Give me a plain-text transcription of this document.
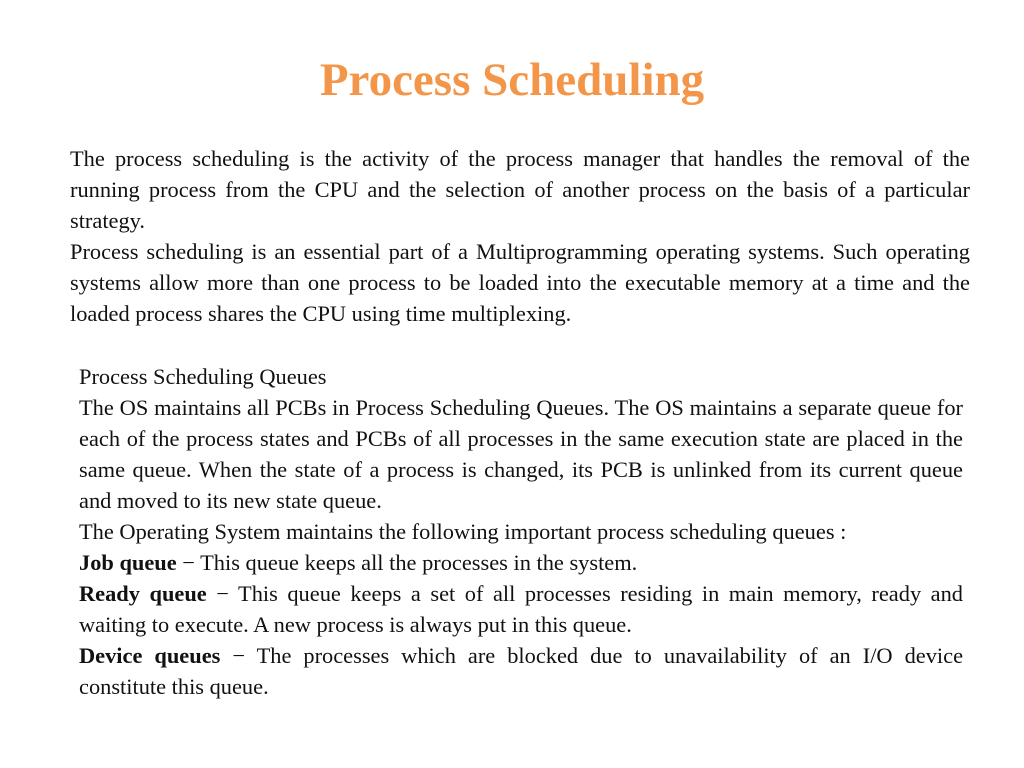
Process Scheduling

The process scheduling is the activity of the process manager that handles the removal of the running process from the CPU and the selection of another process on the basis of a particular strategy.

Process scheduling is an essential part of a Multiprogramming operating systems. Such operating systems allow more than one process to be loaded into the executable memory at a time and the loaded process shares the CPU using time multiplexing.

Process Scheduling Queues

The OS maintains all PCBs in Process Scheduling Queues. The OS maintains a separate queue for each of the process states and PCBs of all processes in the same execution state are placed in the same queue. When the state of a process is changed, its PCB is unlinked from its current queue and moved to its new state queue.

The Operating System maintains the following important process scheduling queues :

Job queue − This queue keeps all the processes in the system.

Ready queue − This queue keeps a set of all processes residing in main memory, ready and waiting to execute. A new process is always put in this queue.

Device queues − The processes which are blocked due to unavailability of an I/O device constitute this queue.
